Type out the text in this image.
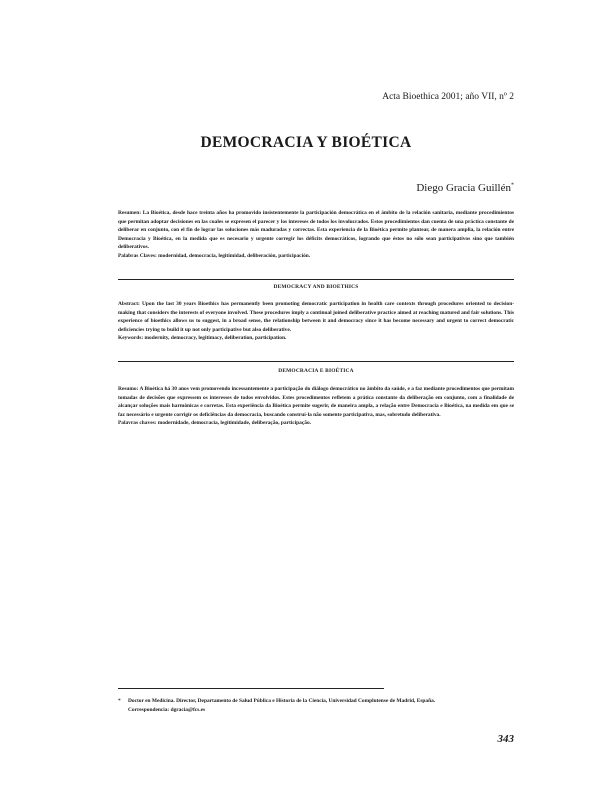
Acta Bioethica 2001; año VII, nº 2
DEMOCRACIA Y BIOÉTICA
Diego Gracia Guillén*
Resumen: La Bioética, desde hace treinta años ha promovido insistentemente la participación democrática en el ámbito de la relación sanitaria, mediante procedimientos que permitan adoptar decisiones en las cuales se expresen el parecer y los intereses de todos los involucrados. Estos procedimientos dan cuenta de una práctica constante de deliberar en conjunto, con el fin de lograr las soluciones más maduradas y correctas. Esta experiencia de la Bioética permite plantear, de manera amplia, la relación entre Democracia y Bioética, en la medida que es necesario y urgente corregir los déficits democráticos, logrando que éstos no sólo sean participativos sino que también deliberativos.
Palabras Claves: modernidad, democracia, legitimidad, deliberación, participación.
DEMOCRACY AND BIOETHICS
Abstract: Upon the last 30 years Bioethics has permanently been promoting democratic participation in health care contexts through procedures oriented to decision-making that considers the interests of everyone involved. These procedures imply a continual joined deliberative practice aimed at reaching matured and fair solutions. This experience of bioethics allows us to suggest, in a broad sense, the relationship between it and democracy since it has become necessary and urgent to correct democratic deficiencies trying to build it up not only participative but also deliberative.
Keywords: modernity, democracy, legitimacy, deliberation, participation.
DEMOCRACIA E BIOÉTICA
Resumo: A Bioética há 30 anos vem promovendo incessantemente a participação do diálogo democrático no âmbito da saúde, e a faz mediante procedimentos que permitam tomadas de decisões que expressem os interesses de todos envolvidos. Estes procedimentos refletem a prática constante da deliberação em conjunto, com a finalidade de alcançar soluções mais harmônicas e corretas. Esta experiência da Bioética permite sugerir, de maneira ampla, a relação entre Democracia e Bioética, na medida em que se faz necessário e urgente corrigir os deficiências da democracia, buscando construí-la não somente participativa, mas, sobretudo deliberativa.
Palavras chaves: modernidade, democracia, legitimidade, deliberação, participação.
* Doctor en Medicina. Director, Departamento de Salud Pública e Historia de la Ciencia, Universidad Complutense de Madrid, España.
Correspondencia: dgracia@fcs.es
343
